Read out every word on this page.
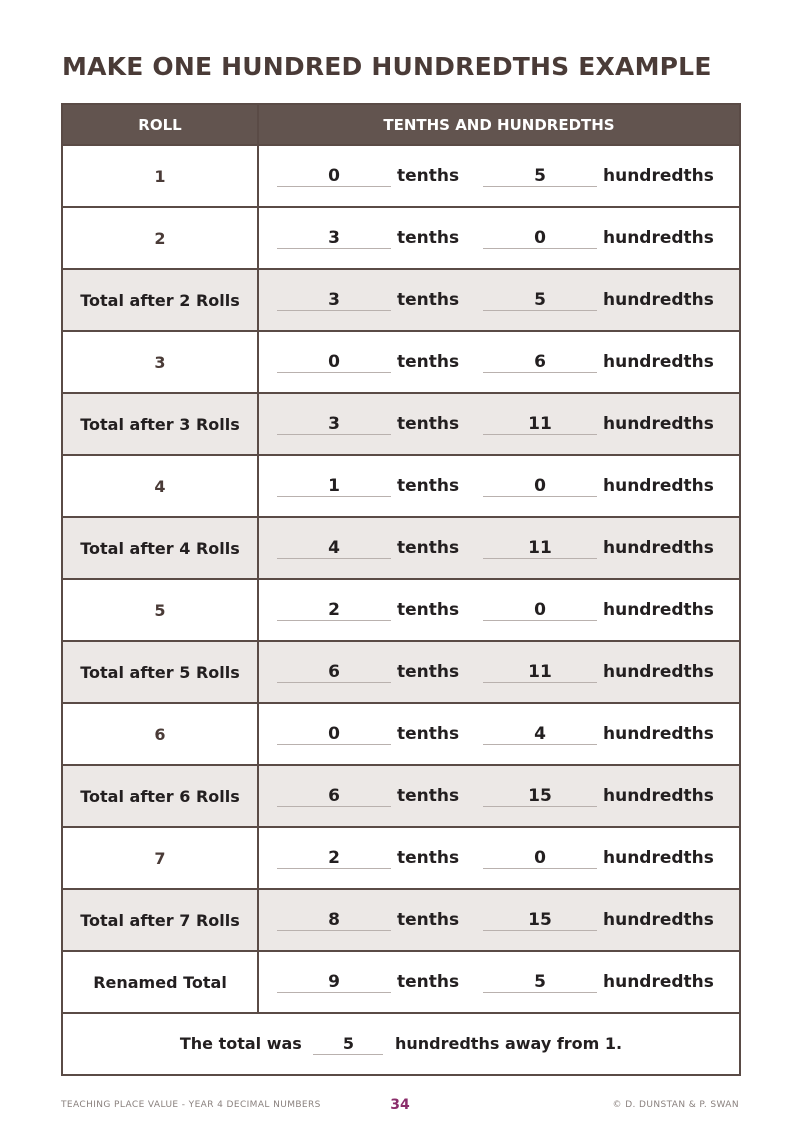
MAKE ONE HUNDRED HUNDREDTHS EXAMPLE
ROLL	TENTHS AND HUNDREDTHS
1	0 tenths 5 hundredths

2	3 tenths 0 hundredths

Total after 2 Rolls	3 tenths 5 hundredths

3	0 tenths 6 hundredths

Total after 3 Rolls	3 tenths 11 hundredths

4	1 tenths 0 hundredths

Total after 4 Rolls	4 tenths 11 hundredths

5	2 tenths 0 hundredths

Total after 5 Rolls	6 tenths 11 hundredths

6	0 tenths 4 hundredths

Total after 6 Rolls	6 tenths 15 hundredths

7	2 tenths 0 hundredths

Total after 7 Rolls	8 tenths 15 hundredths

Renamed Total	9 tenths 5 hundredths

The total was 5 hundredths away from 1.	
TEACHING PLACE VALUE - YEAR 4 DECIMAL NUMBERS	34	© D. DUNSTAN & P. SWAN
